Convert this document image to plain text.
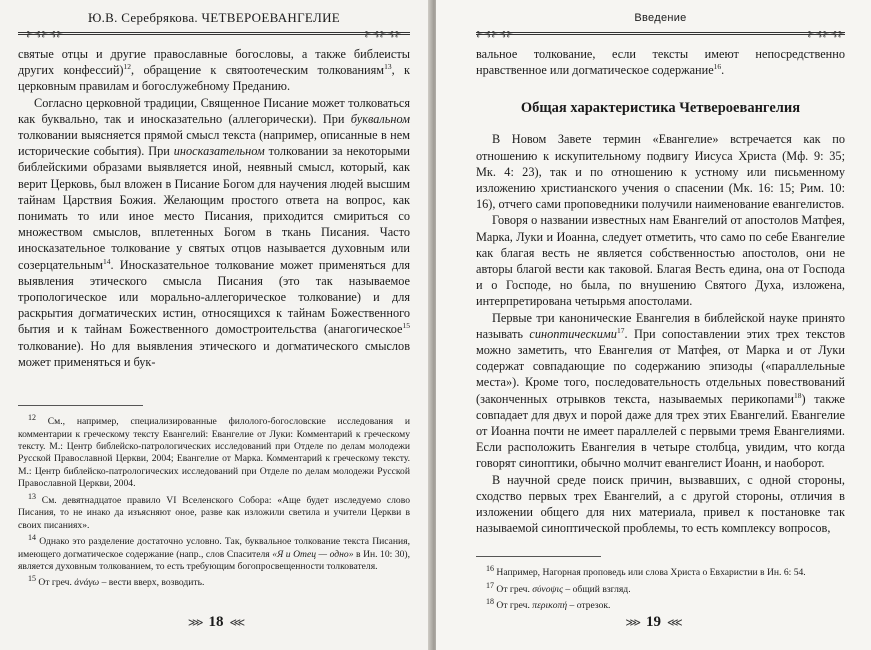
⊱⊰⊱⊰⊱
Ю.В. Серебрякова. ЧЕТВЕРОЕВАНГЕЛИЕ
⊱⊰⊱⊰⊱

святые отцы и другие православные богословы, а также библеисты других конфессий)$^{12}$, обращение к святоотеческим толкованиям$^{13}$, к церковным правилам и богослужебному Преданию.

Согласно церковной традиции, Священное Писание может толковаться как буквально, так и иносказательно (аллегорически). При буквальном толковании выясняется прямой смысл текста (например, описанные в нем исторические события). При иносказательном толковании за некоторыми библейскими образами выявляется иной, неявный смысл, который, как верит Церковь, был вложен в Писание Богом для научения людей высшим тайнам Царствия Божия. Желающим простого ответа на вопрос, как понимать то или иное место Писания, приходится смириться со множеством смыслов, вплетенных Богом в ткань Писания. Часто иносказательное толкование у святых отцов называется духовным или созерцательным$^{14}$. Иносказательное толкование может применяться для выявления этического смысла Писания (это так называемое тропологическое или морально-аллегорическое толкование) и для раскрытия догматических истин, относящихся к тайнам Божественного бытия и к тайнам Божественного домостроительства (анагогическое$^{15}$ толкование). Но для выявления этического и догматического смыслов может применяться и бук-

$^{12}$ См., например, специализированные филолого-богословские исследования и комментарии к греческому тексту Евангелий: Евангелие от Луки: Комментарий к греческому тексту. М.: Центр библейско-патрологических исследований при Отделе по делам молодежи Русской Православной Церкви, 2004; Евангелие от Марка. Комментарий к греческому тексту. М.: Центр библейско-патрологических исследований при Отделе по делам молодежи Русской Православной Церкви, 2004.

$^{13}$ См. девятнадцатое правило VI Вселенского Собора: «Аще будет изследуемо слово Писания, то не инако да изъясняют оное, разве как изложили светила и учители Церкви в своих писаниях».

$^{14}$ Однако это разделение достаточно условно. Так, буквальное толкование текста Писания, имеющего догматическое содержание (напр., слов Спасителя «Я и Отец — одно» в Ин. 10: 30), является духовным толкованием, то есть требующим богопросвещенности толкователя.

$^{15}$ От греч. ἀνάγω – вести вверх, возводить.

⋙ 18 ⋘
⊱⊰⊱⊰⊱
Введение
⊱⊰⊱⊰⊱

вальное толкование, если тексты имеют непосредственно нравственное или догматическое содержание$^{16}$.

Общая характеристика Четвероевангелия

В Новом Завете термин «Евангелие» встречается как по отношению к искупительному подвигу Иисуса Христа (Мф. 9: 35; Мк. 4: 23), так и по отношению к устному или письменному изложению христианского учения о спасении (Мк. 16: 15; Рим. 10: 16), отчего сами проповедники получили наименование евангелистов.

Говоря о названии известных нам Евангелий от апостолов Матфея, Марка, Луки и Иоанна, следует отметить, что само по себе Евангелие как благая весть не является собственностью апостолов, они не авторы благой вести как таковой. Благая Весть едина, она от Господа и о Господе, но была, по внушению Святого Духа, изложена, интерпретирована четырьмя апостолами.

Первые три канонические Евангелия в библейской науке принято называть синоптическими$^{17}$. При сопоставлении этих трех текстов можно заметить, что Евангелия от Матфея, от Марка и от Луки содержат совпадающие по содержанию эпизоды («параллельные места»). Кроме того, последовательность отдельных повествований (законченных отрывков текста, называемых перикопами$^{18}$) также совпадает для двух и порой даже для трех этих Евангелий. Евангелие от Иоанна почти не имеет параллелей с первыми тремя Евангелиями. Если расположить Евангелия в четыре столбца, увидим, что когда говорят синоптики, обычно молчит евангелист Иоанн, и наоборот.

В научной среде поиск причин, вызвавших, с одной стороны, сходство первых трех Евангелий, а с другой стороны, отличия в изложении общего для них материала, привел к постановке так называемой синоптической проблемы, то есть комплексу вопросов,

$^{16}$ Например, Нагорная проповедь или слова Христа о Евхаристии в Ин. 6: 54.

$^{17}$ От греч. σύνοψις – общий взгляд.

$^{18}$ От греч. περικοπή – отрезок.

⋙ 19 ⋘
